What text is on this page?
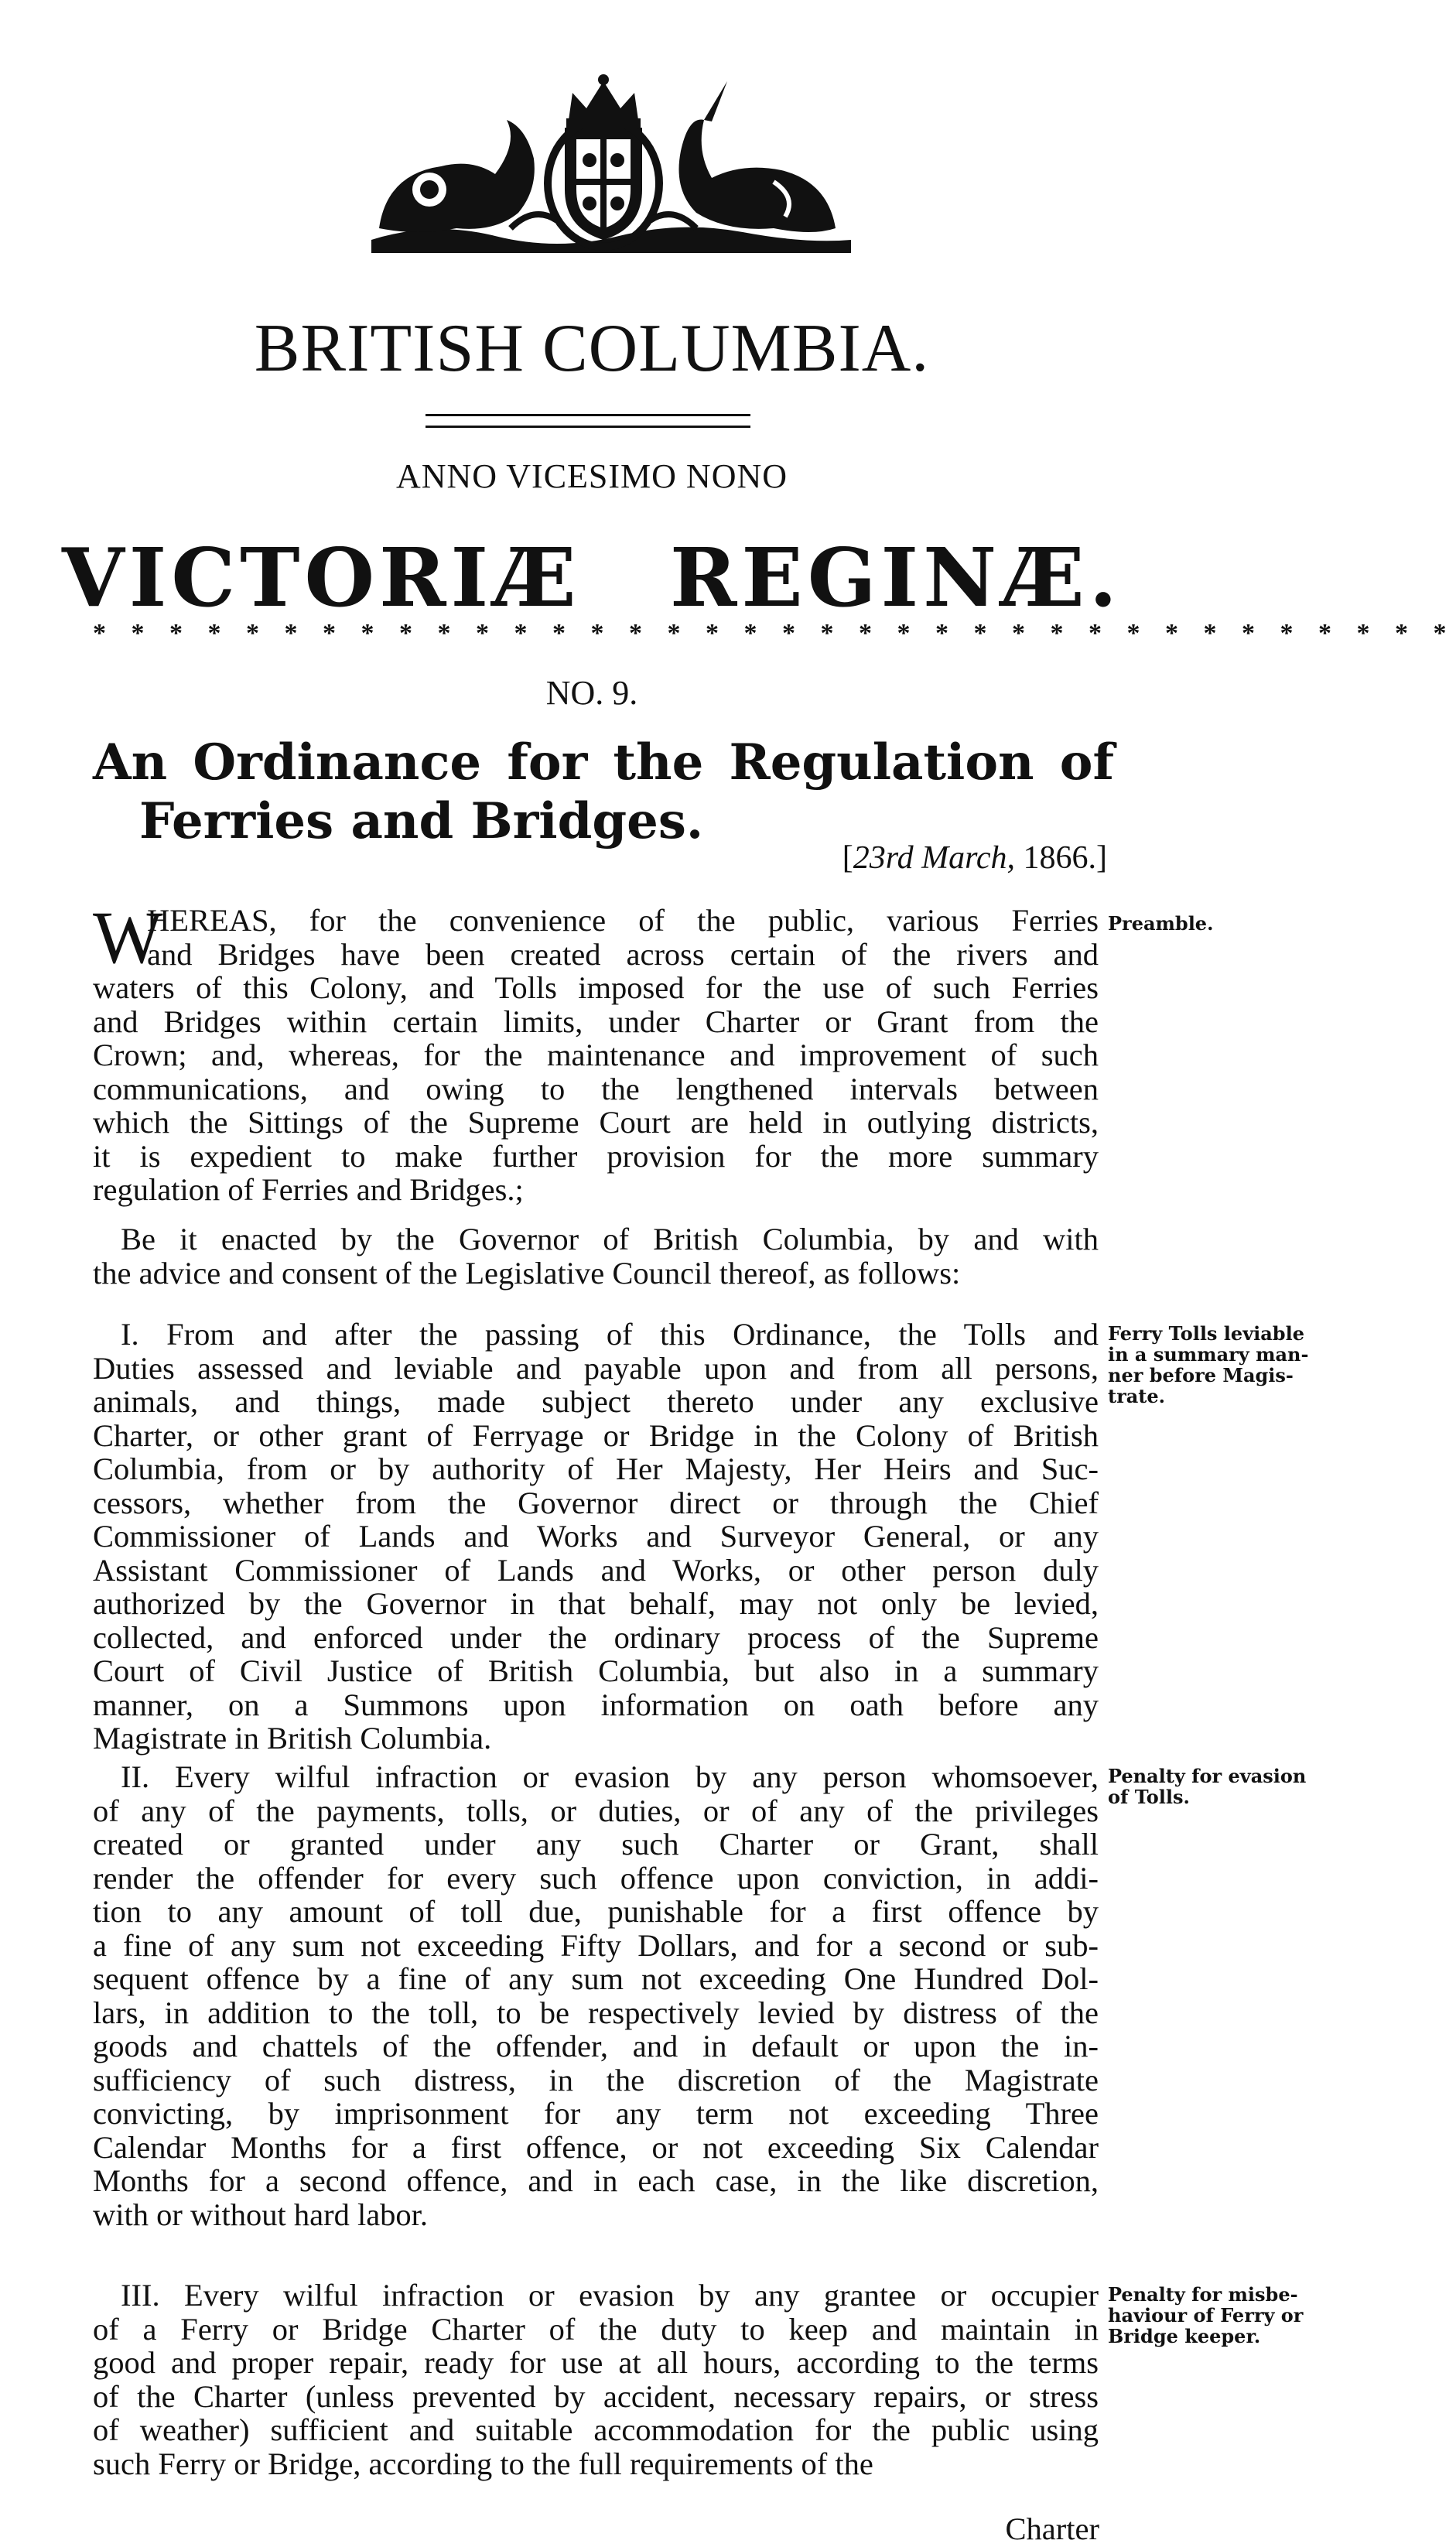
BRITISH COLUMBIA.
ANNO VICESIMO NONO
VICTORIÆ REGINÆ.
* * * * * * * * * * * * * * * * * * * * * * * * * * * * * * * * * * * *
NO. 9.
An Ordinance for the Regulation of
Ferries and Bridges.
[23rd March, 1866.]
W
HEREAS, for the convenience of the public, various Ferries
and Bridges have been created across certain of the rivers and
waters of this Colony, and Tolls imposed for the use of such Ferries
and Bridges within certain limits, under Charter or Grant from the
Crown; and, whereas, for the maintenance and improvement of such
communications, and owing to the lengthened intervals between
which the Sittings of the Supreme Court are held in outlying districts,
it is expedient to make further provision for the more summary
regulation of Ferries and Bridges.;
Preamble.
Be it enacted by the Governor of British Columbia, by and with
the advice and consent of the Legislative Council thereof, as follows:
I. From and after the passing of this Ordinance, the Tolls and
Duties assessed and leviable and payable upon and from all persons,
animals, and things, made subject thereto under any exclusive
Charter, or other grant of Ferryage or Bridge in the Colony of British
Columbia, from or by authority of Her Majesty, Her Heirs and Suc-
cessors, whether from the Governor direct or through the Chief
Commissioner of Lands and Works and Surveyor General, or any
Assistant Commissioner of Lands and Works, or other person duly
authorized by the Governor in that behalf, may not only be levied,
collected, and enforced under the ordinary process of the Supreme
Court of Civil Justice of British Columbia, but also in a summary
manner, on a Summons upon information on oath before any
Magistrate in British Columbia.
Ferry Tolls leviable
in a summary man-
ner before Magis-
trate.
II. Every wilful infraction or evasion by any person whomsoever,
of any of the payments, tolls, or duties, or of any of the privileges
created or granted under any such Charter or Grant, shall
render the offender for every such offence upon conviction, in addi-
tion to any amount of toll due, punishable for a first offence by
a fine of any sum not exceeding Fifty Dollars, and for a second or sub-
sequent offence by a fine of any sum not exceeding One Hundred Dol-
lars, in addition to the toll, to be respectively levied by distress of the
goods and chattels of the offender, and in default or upon the in-
sufficiency of such distress, in the discretion of the Magistrate
convicting, by imprisonment for any term not exceeding Three
Calendar Months for a first offence, or not exceeding Six Calendar
Months for a second offence, and in each case, in the like discretion,
with or without hard labor.
Penalty for evasion
of Tolls.
III. Every wilful infraction or evasion by any grantee or occupier
of a Ferry or Bridge Charter of the duty to keep and maintain in
good and proper repair, ready for use at all hours, according to the terms
of the Charter (unless prevented by accident, necessary repairs, or stress
of weather) sufficient and suitable accommodation for the public using
such Ferry or Bridge, according to the full requirements of the
Penalty for misbe-
haviour of Ferry or
Bridge keeper.
Charter
